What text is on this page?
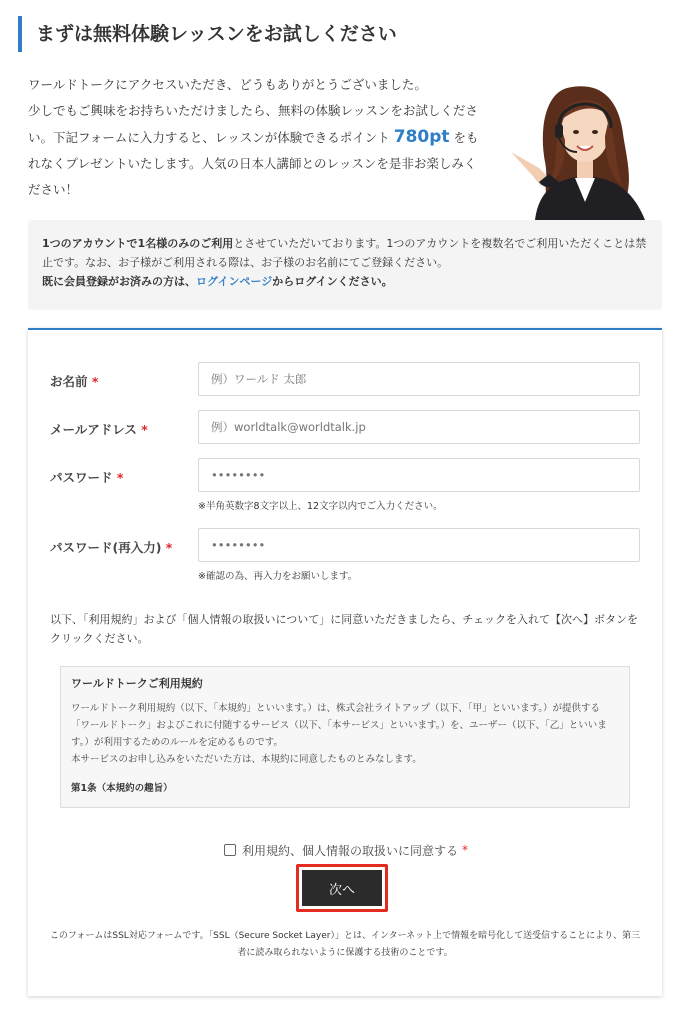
まずは無料体験レッスンをお試しください
ワールドトークにアクセスいただき、どうもありがとうございました。
少しでもご興味をお持ちいただけましたら、無料の体験レッスンをお試しくださ
い。下記フォームに入力すると、レッスンが体験できるポイント 780pt をも
れなくプレゼントいたします。人気の日本人講師とのレッスンを是非お楽しみく
ださい！
1つのアカウントで1名様のみのご利用とさせていただいております。1つのアカウントを複数名でご利用いただくことは禁止です。なお、お子様がご利用される際は、お子様のお名前にてご登録ください。
既に会員登録がお済みの方は、ログインページからログインください。
お名前 *
例）ワールド 太郎
メールアドレス *
例）worldtalk@worldtalk.jp
パスワード *
••••••••
※半角英数字8文字以上、12文字以内でご入力ください。
パスワード(再入力) *
••••••••
※確認の為、再入力をお願いします。
以下、「利用規約」および「個人情報の取扱いについて」に同意いただきましたら、チェックを入れて【次へ】ボタンをクリックください。
ワールドトークご利用規約
ワールドトーク利用規約（以下、「本規約」といいます。）は、株式会社ライトアップ（以下、「甲」といいます。）が提供する「ワールドトーク」およびこれに付随するサービス（以下、「本サービス」といいます。）を、ユーザー（以下、「乙」といいます。）が利用するためのルールを定めるものです。
本サービスのお申し込みをいただいた方は、本規約に同意したものとみなします。
第1条（本規約の趣旨）
利用規約、個人情報の取扱いに同意する *
次へ
このフォームはSSL対応フォームです。「SSL（Secure Socket Layer）」とは、インターネット上で情報を暗号化して送受信することにより、第三者に読み取られないように保護する技術のことです。
